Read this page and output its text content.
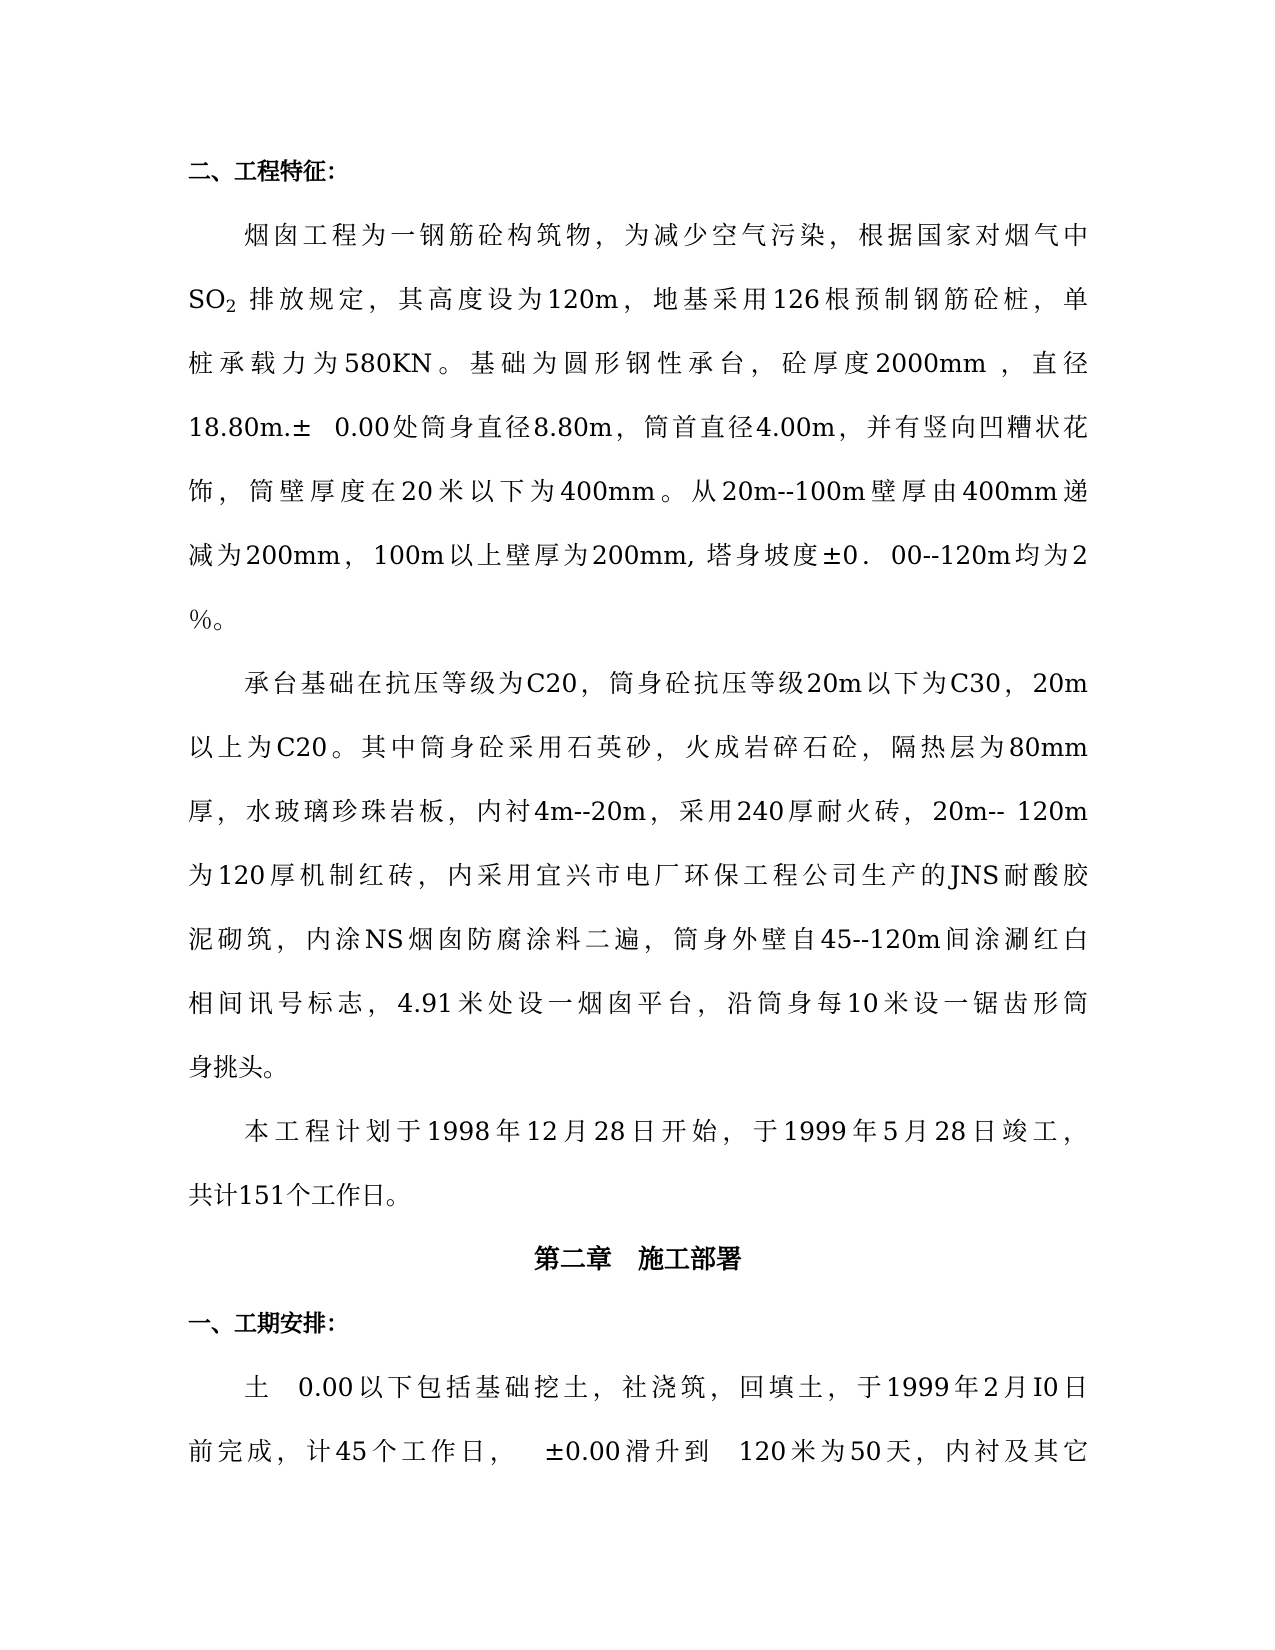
二、工程特征：

烟囱工程为一钢筋砼构筑物，为减少空气污染，根据国家对烟气中

$SO_2$ 排放规定，其高度设为120m，地基采用126根预制钢筋砼桩，单

桩承载力为580KN。基础为圆形钢性承台，砼厚度2000mm ，直径

18.80m.±  0.00处筒身直径8.80m，筒首直径4.00m，并有竖向凹糟状花

饰，筒壁厚度在20米以下为400mm。从20m--100m壁厚由400mm递

减为200mm，100m以上壁厚为200mm, 塔身坡度±0．00--120m均为2

％。

承台基础在抗压等级为C20，筒身砼抗压等级20m以下为C30，20m

以上为C20。其中筒身砼采用石英砂，火成岩碎石砼，隔热层为80mm

厚，水玻璃珍珠岩板，内衬4m--20m，采用240厚耐火砖，20m-- 120m

为120厚机制红砖，内采用宜兴市电厂环保工程公司生产的JNS耐酸胶

泥砌筑，内涂NS烟囱防腐涂料二遍，筒身外壁自45--120m间涂涮红白

相间讯号标志，4.91米处设一烟囱平台，沿筒身每10米设一锯齿形筒

身挑头。

本工程计划于1998年12月28日开始，于1999年5月28日竣工，

共计151个工作日。

第二章　施工部署

一、工期安排：

土  0.00以下包括基础挖土，社浇筑，回填土，于1999年2月I0日

前完成，计45个工作日，  ±0.00滑升到  120米为50天，内衬及其它
